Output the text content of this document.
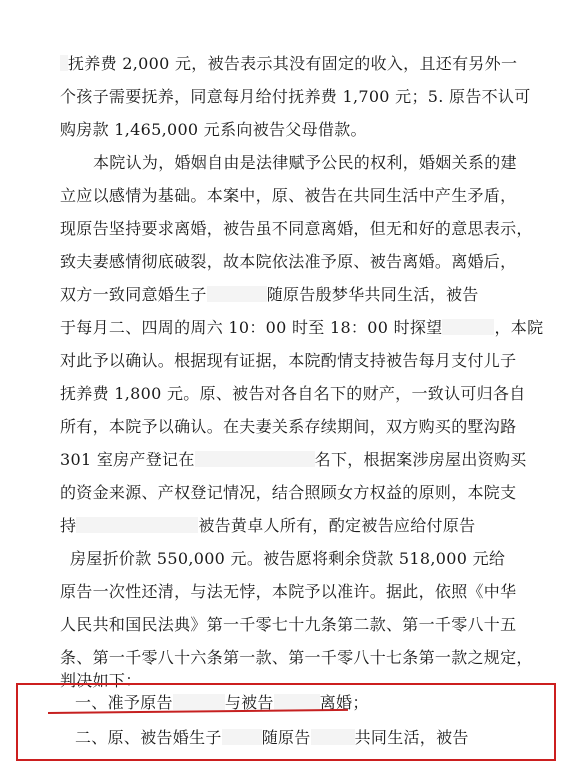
抚养费 2,000 元，被告表示其没有固定的收入，且还有另外一
个孩子需要抚养，同意每月给付抚养费 1,700 元；5. 原告不认可
购房款 1,465,000 元系向被告父母借款。
本院认为，婚姻自由是法律赋予公民的权利，婚姻关系的建
立应以感情为基础。本案中，原、被告在共同生活中产生矛盾，
现原告坚持要求离婚，被告虽不同意离婚，但无和好的意思表示，
致夫妻感情彻底破裂，故本院依法准予原、被告离婚。离婚后，
双方一致同意婚生子	随原告殷梦华共同生活，被告
于每月二、四周的周六 10：00 时至 18：00 时探望	，本院
对此予以确认。根据现有证据，本院酌情支持被告每月支付儿子
抚养费 1,800 元。原、被告对各自名下的财产，一致认可归各自
所有，本院予以确认。在夫妻关系存续期间，双方购买的墅沟路
301 室房产登记在	名下，根据案涉房屋出资购买
的资金来源、产权登记情况，结合照顾女方权益的原则，本院支
持	被告黄卓人所有，酌定被告应给付原告
房屋折价款 550,000 元。被告愿将剩余贷款 518,000 元给
原告一次性还清，与法无悖，本院予以准许。据此，依照《中华
人民共和国民法典》第一千零七十九条第二款、第一千零八十五
条、第一千零八十六条第一款、第一千零八十七条第一款之规定，
判决如下：
一、准予原告	与被告	离婚；
二、原、被告婚生子	随原告	共同生活，被告
